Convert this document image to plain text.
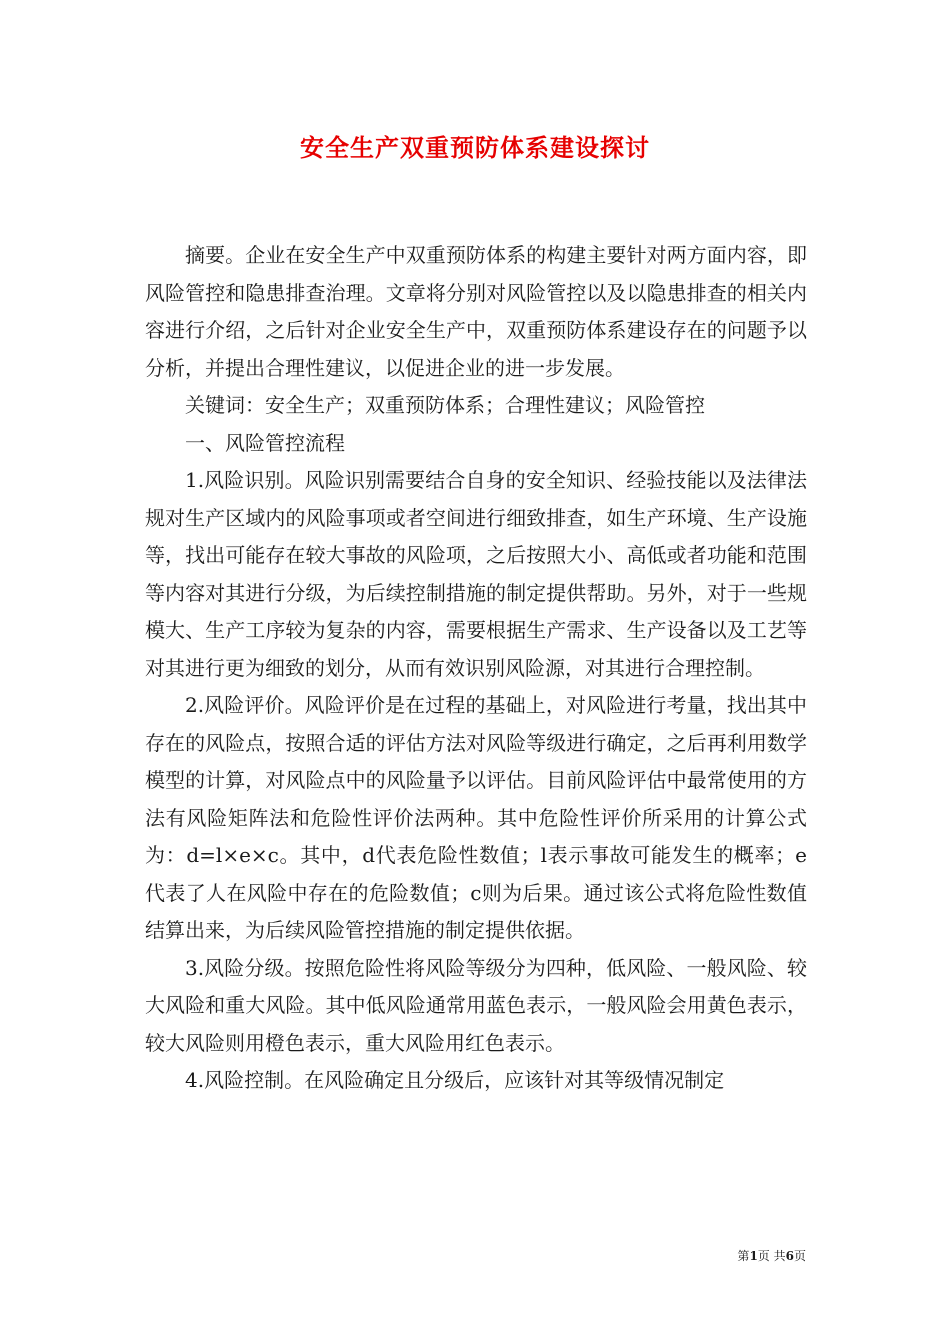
安全生产双重预防体系建设探讨

摘要。企业在安全生产中双重预防体系的构建主要针对两方面内容，即风险管控和隐患排查治理。文章将分别对风险管控以及以隐患排查的相关内容进行介绍，之后针对企业安全生产中，双重预防体系建设存在的问题予以分析，并提出合理性建议，以促进企业的进一步发展。

关键词：安全生产；双重预防体系；合理性建议；风险管控

一、风险管控流程

1.风险识别。风险识别需要结合自身的安全知识、经验技能以及法律法规对生产区域内的风险事项或者空间进行细致排查，如生产环境、生产设施等，找出可能存在较大事故的风险项，之后按照大小、高低或者功能和范围等内容对其进行分级，为后续控制措施的制定提供帮助。另外，对于一些规模大、生产工序较为复杂的内容，需要根据生产需求、生产设备以及工艺等对其进行更为细致的划分，从而有效识别风险源，对其进行合理控制。

2.风险评价。风险评价是在过程的基础上，对风险进行考量，找出其中存在的风险点，按照合适的评估方法对风险等级进行确定，之后再利用数学模型的计算，对风险点中的风险量予以评估。目前风险评估中最常使用的方法有风险矩阵法和危险性评价法两种。其中危险性评价所采用的计算公式为：d=l×e×c。其中，d代表危险性数值；l表示事故可能发生的概率；e代表了人在风险中存在的危险数值；c则为后果。通过该公式将危险性数值结算出来，为后续风险管控措施的制定提供依据。

3.风险分级。按照危险性将风险等级分为四种，低风险、一般风险、较大风险和重大风险。其中低风险通常用蓝色表示，一般风险会用黄色表示，较大风险则用橙色表示，重大风险用红色表示。

4.风险控制。在风险确定且分级后，应该针对其等级情况制定

第1页 共6页
